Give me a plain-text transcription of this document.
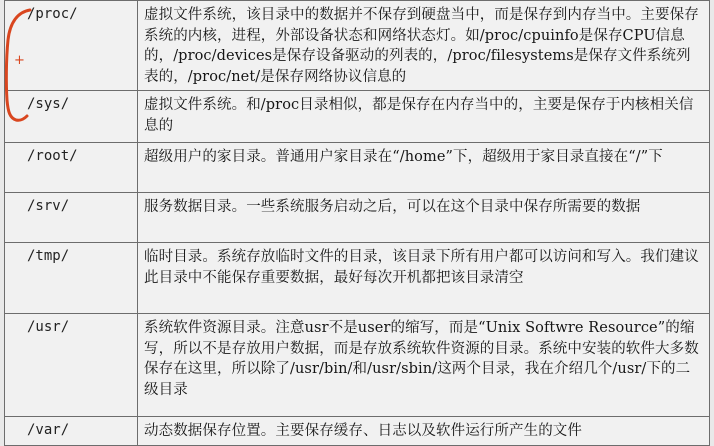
/proc/	虚拟文件系统，该目录中的数据并不保存到硬盘当中，而是保存到内存当中。主要保存系统的内核，进程，外部设备状态和网络状态灯。如/proc/cpuinfo是保存CPU信息的，/proc/devices是保存设备驱动的列表的，/proc/filesystems是保存文件系统列表的，/proc/net/是保存网络协议信息的
/sys/	虚拟文件系统。和/proc目录相似，都是保存在内存当中的，主要是保存于内核相关信息的
/root/	超级用户的家目录。普通用户家目录在“/home”下，超级用于家目录直接在“/”下
/srv/	服务数据目录。一些系统服务启动之后，可以在这个目录中保存所需要的数据
/tmp/	临时目录。系统存放临时文件的目录，该目录下所有用户都可以访问和写入。我们建议此目录中不能保存重要数据，最好每次开机都把该目录清空
/usr/	系统软件资源目录。注意usr不是user的缩写，而是“Unix Softwre Resource”的缩写，所以不是存放用户数据，而是存放系统软件资源的目录。系统中安装的软件大多数保存在这里，所以除了/usr/bin/和/usr/sbin/这两个目录，我在介绍几个/usr/下的二级目录
/var/	动态数据保存位置。主要保存缓存、日志以及软件运行所产生的文件
+
